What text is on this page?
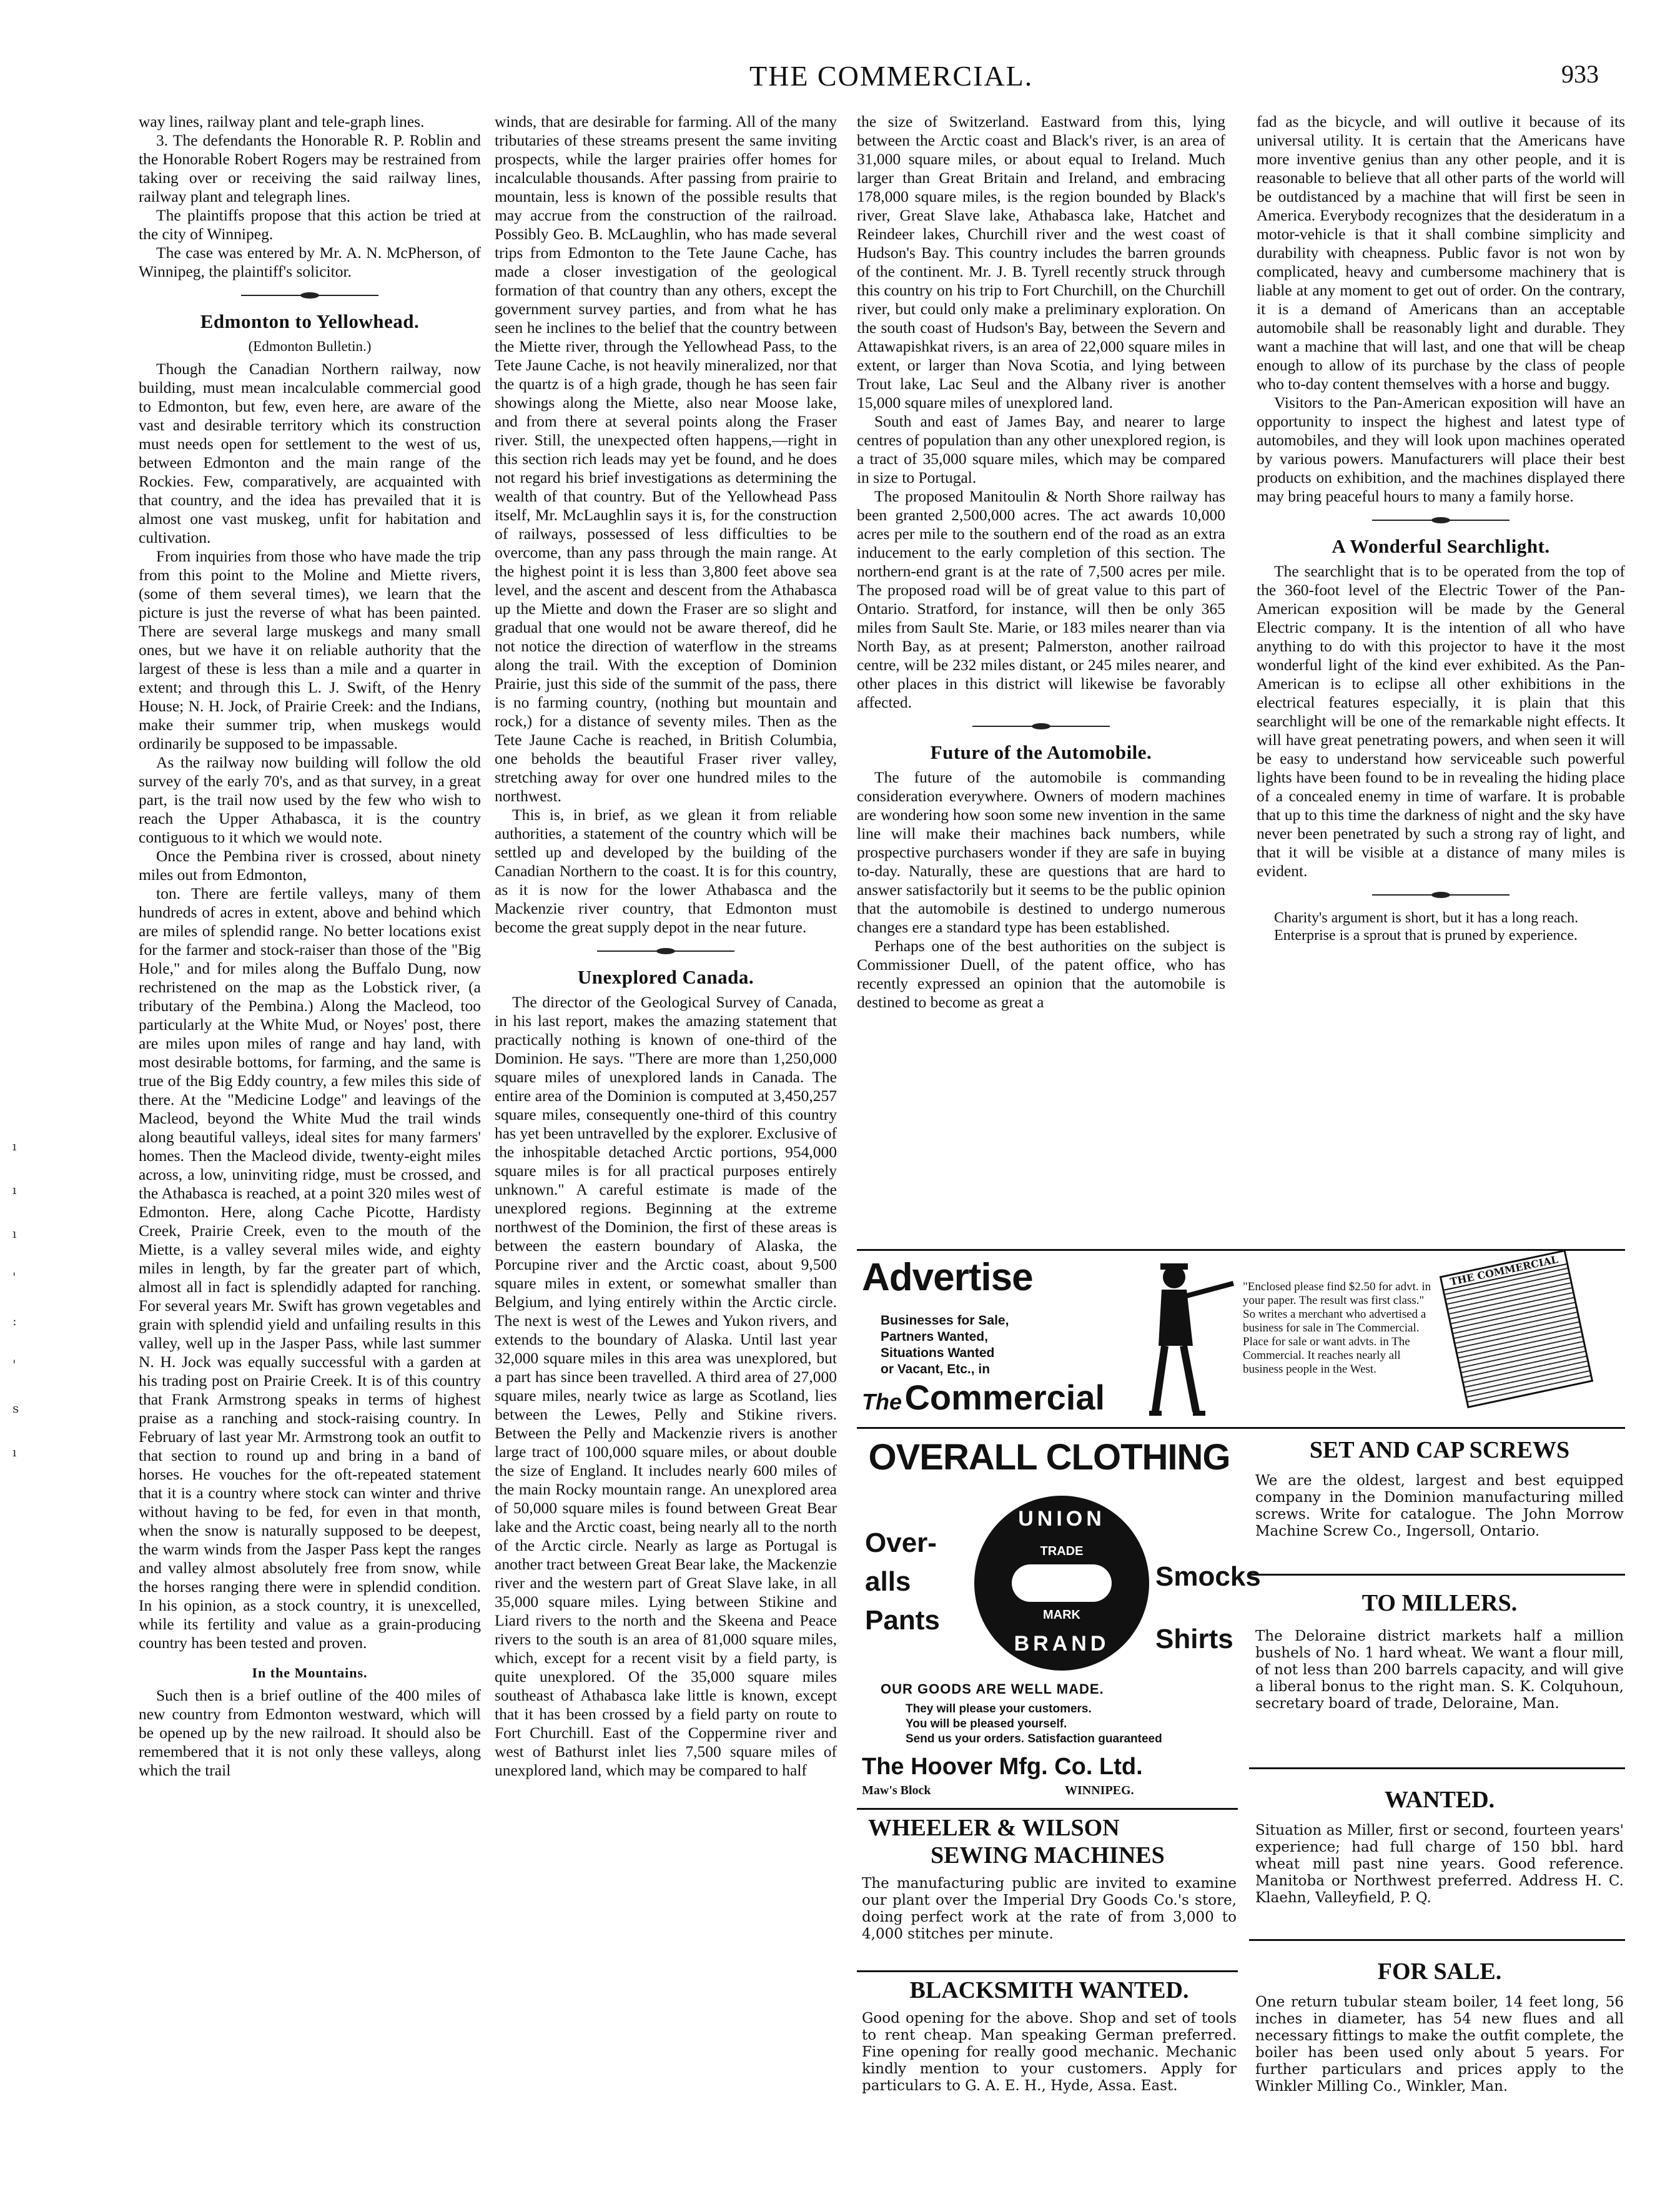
THE COMMERCIAL.	933
ı
ı
ı
'
:
'
s
ı

way lines, railway plant and tele-graph lines.

3. The defendants the Honorable R. P. Roblin and the Honorable Robert Rogers may be restrained from taking over or receiving the said railway lines, railway plant and telegraph lines.

The plaintiffs propose that this action be tried at the city of Winnipeg.

The case was entered by Mr. A. N. McPherson, of Winnipeg, the plaintiff's solicitor.

Edmonton to Yellowhead.
(Edmonton Bulletin.)

Though the Canadian Northern railway, now building, must mean incalculable commercial good to Edmonton, but few, even here, are aware of the vast and desirable territory which its construction must needs open for settlement to the west of us, between Edmonton and the main range of the Rockies. Few, comparatively, are acquainted with that country, and the idea has prevailed that it is almost one vast muskeg, unfit for habitation and cultivation.

From inquiries from those who have made the trip from this point to the Moline and Miette rivers, (some of them several times), we learn that the picture is just the reverse of what has been painted. There are several large muskegs and many small ones, but we have it on reliable authority that the largest of these is less than a mile and a quarter in extent; and through this L. J. Swift, of the Henry House; N. H. Jock, of Prairie Creek: and the Indians, make their summer trip, when muskegs would ordinarily be supposed to be impassable.

As the railway now building will follow the old survey of the early 70's, and as that survey, in a great part, is the trail now used by the few who wish to reach the Upper Athabasca, it is the country contiguous to it which we would note.

Once the Pembina river is crossed, about ninety miles out from Edmonton,

ton. There are fertile valleys, many of them hundreds of acres in extent, above and behind which are miles of splendid range. No better locations exist for the farmer and stock-raiser than those of the "Big Hole," and for miles along the Buffalo Dung, now rechristened on the map as the Lobstick river, (a tributary of the Pembina.) Along the Macleod, too particularly at the White Mud, or Noyes' post, there are miles upon miles of range and hay land, with most desirable bottoms, for farming, and the same is true of the Big Eddy country, a few miles this side of there. At the "Medicine Lodge" and leavings of the Macleod, beyond the White Mud the trail winds along beautiful valleys, ideal sites for many farmers' homes. Then the Macleod divide, twenty-eight miles across, a low, uninviting ridge, must be crossed, and the Athabasca is reached, at a point 320 miles west of Edmonton. Here, along Cache Picotte, Hardisty Creek, Prairie Creek, even to the mouth of the Miette, is a valley several miles wide, and eighty miles in length, by far the greater part of which, almost all in fact is splendidly adapted for ranching. For several years Mr. Swift has grown vegetables and grain with splendid yield and unfailing results in this valley, well up in the Jasper Pass, while last summer N. H. Jock was equally successful with a garden at his trading post on Prairie Creek. It is of this country that Frank Armstrong speaks in terms of highest praise as a ranching and stock-raising country. In February of last year Mr. Armstrong took an outfit to that section to round up and bring in a band of horses. He vouches for the oft-repeated statement that it is a country where stock can winter and thrive without having to be fed, for even in that month, when the snow is naturally supposed to be deepest, the warm winds from the Jasper Pass kept the ranges and valley almost absolutely free from snow, while the horses ranging there were in splendid condition. In his opinion, as a stock country, it is unexcelled, while its fertility and value as a grain-producing country has been tested and proven.

In the Mountains.

Such then is a brief outline of the 400 miles of new country from Edmonton westward, which will be opened up by the new railroad. It should also be remembered that it is not only these valleys, along which the trail

winds, that are desirable for farming. All of the many tributaries of these streams present the same inviting prospects, while the larger prairies offer homes for incalculable thousands. After passing from prairie to mountain, less is known of the possible results that may accrue from the construction of the railroad. Possibly Geo. B. McLaughlin, who has made several trips from Edmonton to the Tete Jaune Cache, has made a closer investigation of the geological formation of that country than any others, except the government survey parties, and from what he has seen he inclines to the belief that the country between the Miette river, through the Yellowhead Pass, to the Tete Jaune Cache, is not heavily mineralized, nor that the quartz is of a high grade, though he has seen fair showings along the Miette, also near Moose lake, and from there at several points along the Fraser river. Still, the unexpected often happens,—right in this section rich leads may yet be found, and he does not regard his brief investigations as determining the wealth of that country. But of the Yellowhead Pass itself, Mr. McLaughlin says it is, for the construction of railways, possessed of less difficulties to be overcome, than any pass through the main range. At the highest point it is less than 3,800 feet above sea level, and the ascent and descent from the Athabasca up the Miette and down the Fraser are so slight and gradual that one would not be aware thereof, did he not notice the direction of waterflow in the streams along the trail. With the exception of Dominion Prairie, just this side of the summit of the pass, there is no farming country, (nothing but mountain and rock,) for a distance of seventy miles. Then as the Tete Jaune Cache is reached, in British Columbia, one beholds the beautiful Fraser river valley, stretching away for over one hundred miles to the northwest.

This is, in brief, as we glean it from reliable authorities, a statement of the country which will be settled up and developed by the building of the Canadian Northern to the coast. It is for this country, as it is now for the lower Athabasca and the Mackenzie river country, that Edmonton must become the great supply depot in the near future.

Unexplored Canada.

The director of the Geological Survey of Canada, in his last report, makes the amazing statement that practically nothing is known of one-third of the Dominion. He says. "There are more than 1,250,000 square miles of unexplored lands in Canada. The entire area of the Dominion is computed at 3,450,257 square miles, consequently one-third of this country has yet been untravelled by the explorer. Exclusive of the inhospitable detached Arctic portions, 954,000 square miles is for all practical purposes entirely unknown." A careful estimate is made of the unexplored regions. Beginning at the extreme northwest of the Dominion, the first of these areas is between the eastern boundary of Alaska, the Porcupine river and the Arctic coast, about 9,500 square miles in extent, or somewhat smaller than Belgium, and lying entirely within the Arctic circle. The next is west of the Lewes and Yukon rivers, and extends to the boundary of Alaska. Until last year 32,000 square miles in this area was unexplored, but a part has since been travelled. A third area of 27,000 square miles, nearly twice as large as Scotland, lies between the Lewes, Pelly and Stikine rivers. Between the Pelly and Mackenzie rivers is another large tract of 100,000 square miles, or about double the size of England. It includes nearly 600 miles of the main Rocky mountain range. An unexplored area of 50,000 square miles is found between Great Bear lake and the Arctic coast, being nearly all to the north of the Arctic circle. Nearly as large as Portugal is another tract between Great Bear lake, the Mackenzie river and the western part of Great Slave lake, in all 35,000 square miles. Lying between Stikine and Liard rivers to the north and the Skeena and Peace rivers to the south is an area of 81,000 square miles, which, except for a recent visit by a field party, is quite unexplored. Of the 35,000 square miles southeast of Athabasca lake little is known, except that it has been crossed by a field party on route to Fort Churchill. East of the Coppermine river and west of Bathurst inlet lies 7,500 square miles of unexplored land, which may be compared to half

the size of Switzerland. Eastward from this, lying between the Arctic coast and Black's river, is an area of 31,000 square miles, or about equal to Ireland. Much larger than Great Britain and Ireland, and embracing 178,000 square miles, is the region bounded by Black's river, Great Slave lake, Athabasca lake, Hatchet and Reindeer lakes, Churchill river and the west coast of Hudson's Bay. This country includes the barren grounds of the continent. Mr. J. B. Tyrell recently struck through this country on his trip to Fort Churchill, on the Churchill river, but could only make a preliminary exploration. On the south coast of Hudson's Bay, between the Severn and Attawapishkat rivers, is an area of 22,000 square miles in extent, or larger than Nova Scotia, and lying between Trout lake, Lac Seul and the Albany river is another 15,000 square miles of unexplored land.

South and east of James Bay, and nearer to large centres of population than any other unexplored region, is a tract of 35,000 square miles, which may be compared in size to Portugal.

The proposed Manitoulin & North Shore railway has been granted 2,500,000 acres. The act awards 10,000 acres per mile to the southern end of the road as an extra inducement to the early completion of this section. The northern-end grant is at the rate of 7,500 acres per mile. The proposed road will be of great value to this part of Ontario. Stratford, for instance, will then be only 365 miles from Sault Ste. Marie, or 183 miles nearer than via North Bay, as at present; Palmerston, another railroad centre, will be 232 miles distant, or 245 miles nearer, and other places in this district will likewise be favorably affected.

Future of the Automobile.

The future of the automobile is commanding consideration everywhere. Owners of modern machines are wondering how soon some new invention in the same line will make their machines back numbers, while prospective purchasers wonder if they are safe in buying to-day. Naturally, these are questions that are hard to answer satisfactorily but it seems to be the public opinion that the automobile is destined to undergo numerous changes ere a standard type has been established.

Perhaps one of the best authorities on the subject is Commissioner Duell, of the patent office, who has recently expressed an opinion that the automobile is destined to become as great a

fad as the bicycle, and will outlive it because of its universal utility. It is certain that the Americans have more inventive genius than any other people, and it is reasonable to believe that all other parts of the world will be outdistanced by a machine that will first be seen in America. Everybody recognizes that the desideratum in a motor-vehicle is that it shall combine simplicity and durability with cheapness. Public favor is not won by complicated, heavy and cumbersome machinery that is liable at any moment to get out of order. On the contrary, it is a demand of Americans than an acceptable automobile shall be reasonably light and durable. They want a machine that will last, and one that will be cheap enough to allow of its purchase by the class of people who to-day content themselves with a horse and buggy.

Visitors to the Pan-American exposition will have an opportunity to inspect the highest and latest type of automobiles, and they will look upon machines operated by various powers. Manufacturers will place their best products on exhibition, and the machines displayed there may bring peaceful hours to many a family horse.

A Wonderful Searchlight.

The searchlight that is to be operated from the top of the 360-foot level of the Electric Tower of the Pan-American exposition will be made by the General Electric company. It is the intention of all who have anything to do with this projector to have it the most wonderful light of the kind ever exhibited. As the Pan-American is to eclipse all other exhibitions in the electrical features especially, it is plain that this searchlight will be one of the remarkable night effects. It will have great penetrating powers, and when seen it will be easy to understand how serviceable such powerful lights have been found to be in revealing the hiding place of a concealed enemy in time of warfare. It is probable that up to this time the darkness of night and the sky have never been penetrated by such a strong ray of light, and that it will be visible at a distance of many miles is evident.

Charity's argument is short, but it has a long reach.

Enterprise is a sprout that is pruned by experience.

Advertise
Businesses for Sale,
Partners Wanted,
Situations Wanted
or Vacant, Etc., in
The Commercial
"Enclosed please find $2.50 for advt. in your paper. The result was first class." So writes a merchant who advertised a business for sale in The Commercial. Place for sale or want advts. in The Commercial. It reaches nearly all business people in the West.
THE COMMERCIAL
OVERALL CLOTHING
Over-
alls
Pants
Smocks
Shirts
UNION
TRADE
MARK
BRAND
OUR GOODS ARE WELL MADE.
They will please your customers.
You will be pleased yourself.
Send us your orders. Satisfaction guaranteed
The Hoover Mfg. Co. Ltd.
Maw's Block	WINNIPEG.
WHEELER & WILSON
SEWING MACHINES
The manufacturing public are invited to examine our plant over the Imperial Dry Goods Co.'s store, doing perfect work at the rate of from 3,000 to 4,000 stitches per minute.
BLACKSMITH WANTED.
Good opening for the above. Shop and set of tools to rent cheap. Man speaking German preferred. Fine opening for really good mechanic. Mechanic kindly mention to your customers. Apply for particulars to G. A. E. H., Hyde, Assa. East.
SET AND CAP SCREWS
We are the oldest, largest and best equipped company in the Dominion manufacturing milled screws. Write for catalogue. The John Morrow Machine Screw Co., Ingersoll, Ontario.
TO MILLERS.
The Deloraine district markets half a million bushels of No. 1 hard wheat. We want a flour mill, of not less than 200 barrels capacity, and will give a liberal bonus to the right man. S. K. Colquhoun, secretary board of trade, Deloraine, Man.
WANTED.
Situation as Miller, first or second, fourteen years' experience; had full charge of 150 bbl. hard wheat mill past nine years. Good reference. Manitoba or Northwest preferred. Address H. C. Klaehn, Valleyfield, P. Q.
FOR SALE.
One return tubular steam boiler, 14 feet long, 56 inches in diameter, has 54 new flues and all necessary fittings to make the outfit complete, the boiler has been used only about 5 years. For further particulars and prices apply to the Winkler Milling Co., Winkler, Man.
